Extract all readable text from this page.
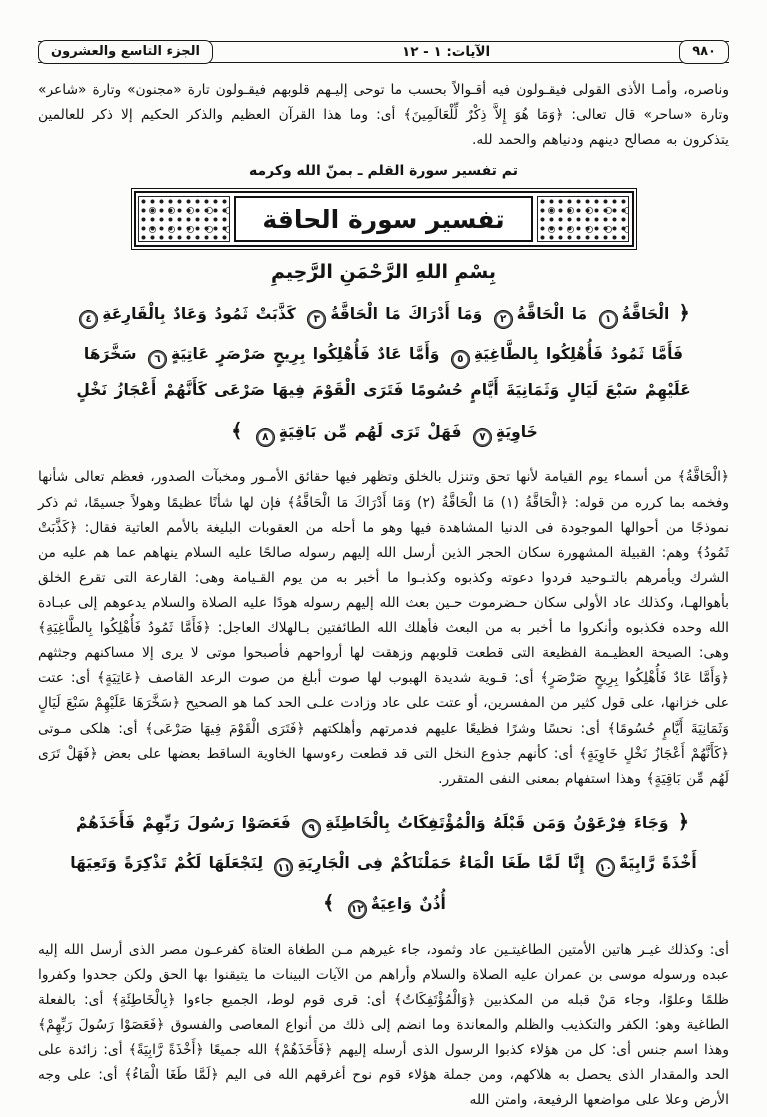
٩٨٠
الآيات: ١ - ١٢
الجزء التاسع والعشرون

وناصره، وأمـا الأذى القولى فيقـولون فيه أقـوالاً بحسب ما توحى إليـهم قلوبهم فيقـولون تارة «مجنون» وتارة «شاعر» وتارة «ساحر» قال تعالى: ﴿وَمَا هُوَ إِلاَّ ذِكْرٌ لِّلْعَالَمِينَ﴾ أى: وما هذا القرآن العظيم والذكر الحكيم إلا ذكر للعالمين يتذكرون به مصالح دينهم ودنياهم والحمد لله.

تم تفسير سورة القلم ـ بمنّ الله وكرمه

تفسير سورة الحاقة
بِسْمِ اللهِ الرَّحْمَنِ الرَّحِيمِ
﴿ الْحَاقَّةُ١ مَا الْحَاقَّةُ٢ وَمَا أَدْرَاكَ مَا الْحَاقَّةُ٣ كَذَّبَتْ ثَمُودُ وَعَادٌ بِالْقَارِعَةِ٤ فَأَمَّا ثَمُودُ فَأُهْلِكُوا بِالطَّاغِيَةِ٥ وَأَمَّا عَادٌ فَأُهْلِكُوا بِرِيحٍ صَرْصَرٍ عَاتِيَةٍ٦ سَخَّرَهَا عَلَيْهِمْ سَبْعَ لَيَالٍ وَثَمَانِيَةَ أَيَّامٍ حُسُومًا فَتَرَى الْقَوْمَ فِيهَا صَرْعَى كَأَنَّهُمْ أَعْجَازُ نَخْلٍ خَاوِيَةٍ٧ فَهَلْ تَرَى لَهُم مِّن بَاقِيَةٍ٨ ﴾

﴿الْحَاقَّةُ﴾ من أسماء يوم القيامة لأنها تحق وتنزل بالخلق وتظهر فيها حقائق الأمـور ومخبآت الصدور، فعظم تعالى شأنها وفخمه بما كرره من قوله: ﴿الْحَاقَّةُ (١) مَا الْحَاقَّةُ (٢) وَمَا أَدْرَاكَ مَا الْحَاقَّةُ﴾ فإن لها شأنًا عظيمًا وهولاً جسيمًا، ثم ذكر نموذجًا من أحوالها الموجودة فى الدنيا المشاهدة فيها وهو ما أحله من العقوبات البليغة بالأمم العاتية فقال: ﴿كَذَّبَتْ ثَمُودُ﴾ وهم: القبيلة المشهورة سكان الحجر الذين أرسل الله إليهم رسوله صالحًا عليه السلام ينهاهم عما هم عليه من الشرك ويأمرهم بالتـوحيد فردوا دعوته وكذبوه وكذبـوا ما أخبر به من يوم القـيامة وهى: القارعة التى تقرع الخلق بأهوالهـا، وكذلك عاد الأولى سكان حـضرموت حـين بعث الله إليهم رسوله هودًا عليه الصلاة والسلام يدعوهم إلى عبـادة الله وحده فكذبوه وأنكروا ما أخبر به من البعث فأهلك الله الطائفتين بـالهلاك العاجل: ﴿فَأَمَّا ثَمُودُ فَأُهْلِكُوا بِالطَّاغِيَةِ﴾ وهى: الصيحة العظيـمة الفظيعة التى قطعت قلوبهم وزهقت لها أرواحهم فأصبحوا موتى لا يرى إلا مساكنهم وجثثهم ﴿وَأَمَّا عَادٌ فَأُهْلِكُوا بِرِيحٍ صَرْصَرٍ﴾ أى: قـوية شديدة الهبوب لها صوت أبلغ من صوت الرعد القاصف ﴿عَاتِيَةٍ﴾ أى: عتت على خزانها، على قول كثير من المفسرين، أو عتت على عاد وزادت علـى الحد كما هو الصحيح ﴿سَخَّرَهَا عَلَيْهِمْ سَبْعَ لَيَالٍ وَثَمَانِيَةَ أَيَّامٍ حُسُومًا﴾ أى: نحسًا وشرًا فظيعًا عليهم فدمرتهم وأهلكتهم ﴿فَتَرَى الْقَوْمَ فِيهَا صَرْعَى﴾ أى: هلكى مـوتى ﴿كَأَنَّهُمْ أَعْجَازُ نَخْلٍ خَاوِيَةٍ﴾ أى: كأنهم جذوع النخل التى قد قطعت رءوسها الخاوية الساقط بعضها على بعض ﴿فَهَلْ تَرَى لَهُم مِّن بَاقِيَةٍ﴾ وهذا استفهام بمعنى النفى المتقرر.

﴿ وَجَاءَ فِرْعَوْنُ وَمَن قَبْلَهُ وَالْمُؤْتَفِكَاتُ بِالْخَاطِئَةِ٩ فَعَصَوْا رَسُولَ رَبِّهِمْ فَأَخَذَهُمْ أَخْذَةً رَّابِيَةً١٠ إِنَّا لَمَّا طَغَا الْمَاءُ حَمَلْنَاكُمْ فِى الْجَارِيَةِ١١ لِنَجْعَلَهَا لَكُمْ تَذْكِرَةً وَتَعِيَهَا أُذُنٌ وَاعِيَةٌ١٢ ﴾

أى: وكذلك غيـر هاتين الأمتين الطاغيتـين عاد وثمود، جاء غيرهم مـن الطغاة العتاة كفرعـون مصر الذى أرسل الله إليه عبده ورسوله موسى بن عمران عليه الصلاة والسلام وأراهم من الآيات البينات ما يتيقنوا بها الحق ولكن جحدوا وكفروا ظلمًا وعلوًا، وجاء مَنْ قبله من المكذبين ﴿وَالْمُؤْتَفِكَاتُ﴾ أى: قرى قوم لوط، الجميع جاءوا ﴿بِالْخَاطِئَةِ﴾ أى: بالفعلة الطاغية وهو: الكفر والتكذيب والظلم والمعاندة وما انضم إلى ذلك من أنواع المعاصى والفسوق ﴿فَعَصَوْا رَسُولَ رَبِّهِمْ﴾ وهذا اسم جنس أى: كل من هؤلاء كذبوا الرسول الذى أرسله إليهم ﴿فَأَخَذَهُمْ﴾ الله جميعًا ﴿أَخْذَةً رَّابِيَةً﴾ أى: زائدة على الحد والمقدار الذى يحصل به هلاكهم، ومن جملة هؤلاء قوم نوح أغرقهم الله فى اليم ﴿لَمَّا طَغَا الْمَاءُ﴾ أى: على وجه الأرض وعلا على مواضعها الرفيعة، وامتن الله
